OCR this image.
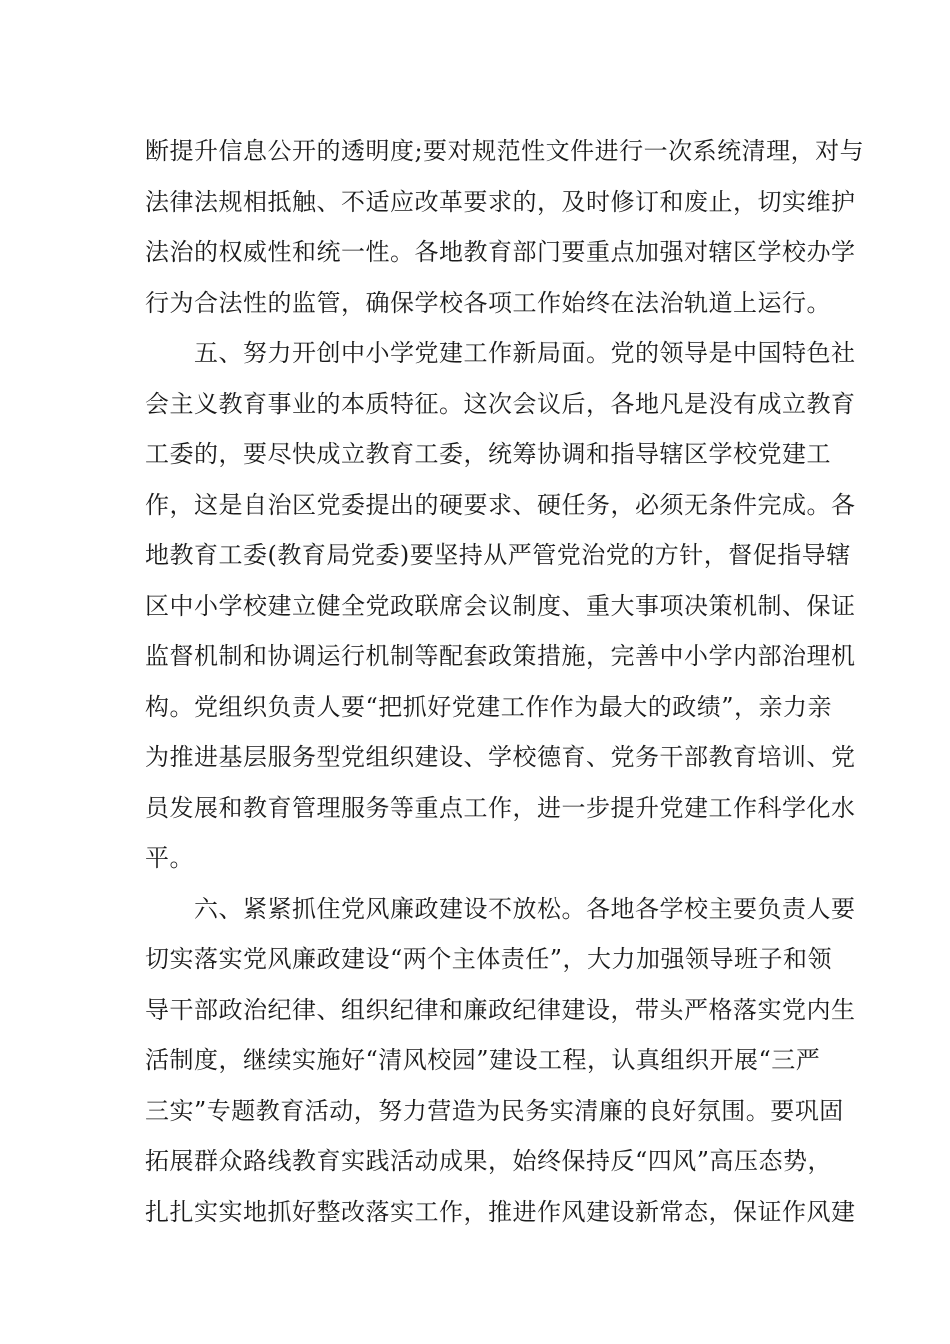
断提升信息公开的透明度;要对规范性文件进行一次系统清理，对与
法律法规相抵触、不适应改革要求的，及时修订和废止，切实维护
法治的权威性和统一性。各地教育部门要重点加强对辖区学校办学
行为合法性的监管，确保学校各项工作始终在法治轨道上运行。
　　五、努力开创中小学党建工作新局面。党的领导是中国特色社
会主义教育事业的本质特征。这次会议后，各地凡是没有成立教育
工委的，要尽快成立教育工委，统筹协调和指导辖区学校党建工
作，这是自治区党委提出的硬要求、硬任务，必须无条件完成。各
地教育工委(教育局党委)要坚持从严管党治党的方针，督促指导辖
区中小学校建立健全党政联席会议制度、重大事项决策机制、保证
监督机制和协调运行机制等配套政策措施，完善中小学内部治理机
构。党组织负责人要“把抓好党建工作作为最大的政绩”，亲力亲
为推进基层服务型党组织建设、学校德育、党务干部教育培训、党
员发展和教育管理服务等重点工作，进一步提升党建工作科学化水
平。
　　六、紧紧抓住党风廉政建设不放松。各地各学校主要负责人要
切实落实党风廉政建设“两个主体责任”，大力加强领导班子和领
导干部政治纪律、组织纪律和廉政纪律建设，带头严格落实党内生
活制度，继续实施好“清风校园”建设工程，认真组织开展“三严
三实”专题教育活动，努力营造为民务实清廉的良好氛围。要巩固
拓展群众路线教育实践活动成果，始终保持反“四风”高压态势，
扎扎实实地抓好整改落实工作，推进作风建设新常态，保证作风建
